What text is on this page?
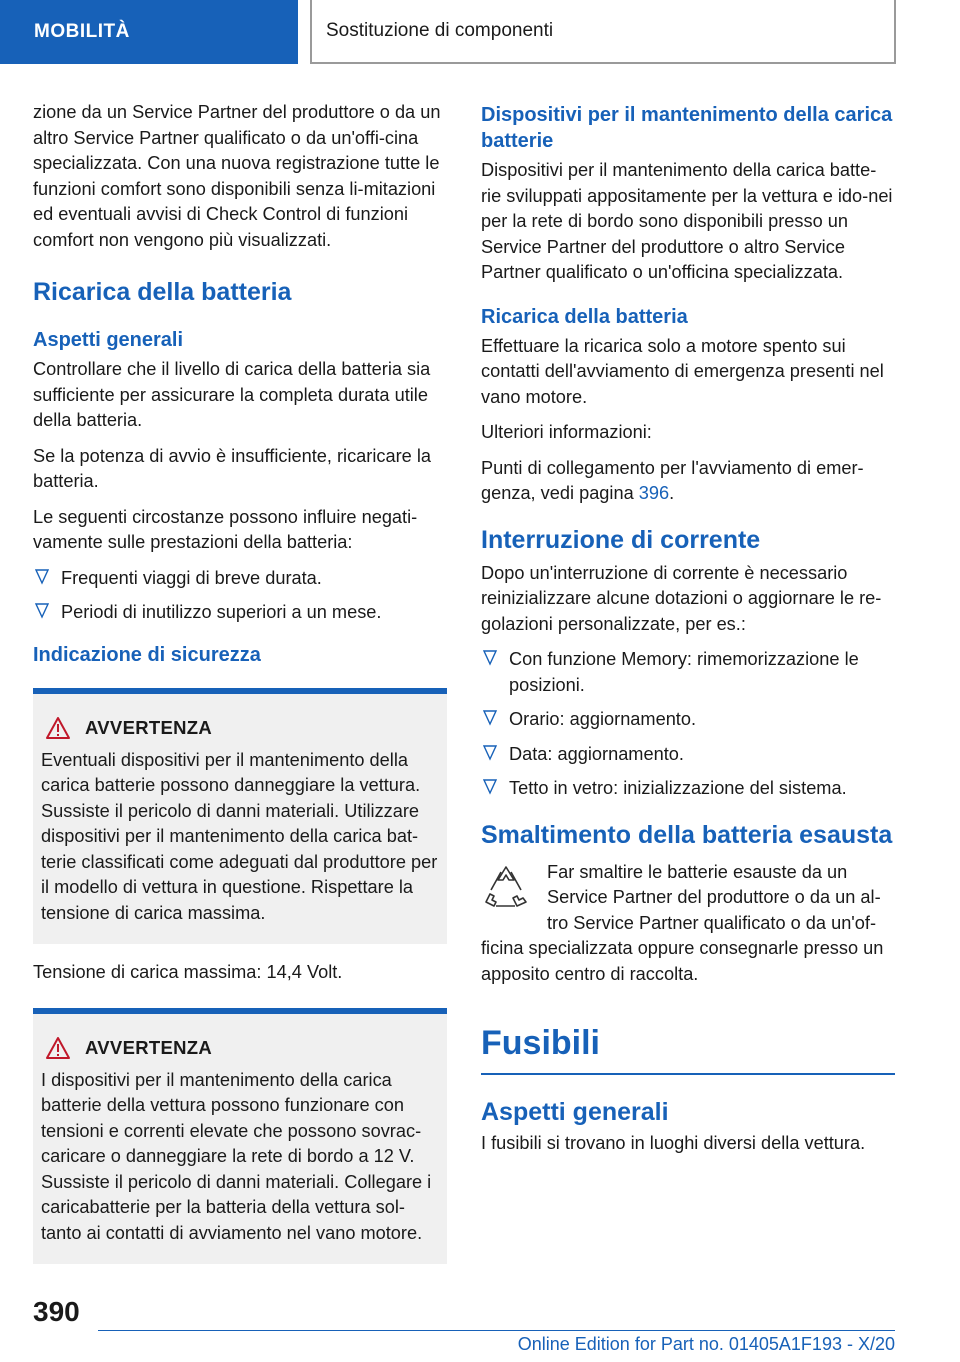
MOBILITÀ	Sostituzione di componenti

zione da un Service Partner del produttore o da un altro Service Partner qualificato o da un'offi-cina specializzata. Con una nuova registrazione tutte le funzioni comfort sono disponibili senza li-mitazioni ed eventuali avvisi di Check Control di funzioni comfort non vengono più visualizzati.

Ricarica della batteria
Aspetti generali

Controllare che il livello di carica della batteria sia sufficiente per assicurare la completa durata utile della batteria.

Se la potenza di avvio è insufficiente, ricaricare la batteria.

Le seguenti circostanze possono influire negati-vamente sulle prestazioni della batteria:

Frequenti viaggi di breve durata.
Periodi di inutilizzo superiori a un mese.
Indicazione di sicurezza
AVVERTENZA

Eventuali dispositivi per il mantenimento della carica batterie possono danneggiare la vettura. Sussiste il pericolo di danni materiali. Utilizzare dispositivi per il mantenimento della carica bat-terie classificati come adeguati dal produttore per il modello di vettura in questione. Rispettare la tensione di carica massima.

Tensione di carica massima: 14,4 Volt.

AVVERTENZA

I dispositivi per il mantenimento della carica batterie della vettura possono funzionare con tensioni e correnti elevate che possono sovrac-caricare o danneggiare la rete di bordo a 12 V. Sussiste il pericolo di danni materiali. Collegare i caricabatterie per la batteria della vettura sol-tanto ai contatti di avviamento nel vano motore.

Dispositivi per il mantenimento della carica batterie

Dispositivi per il mantenimento della carica batte-rie sviluppati appositamente per la vettura e ido-nei per la rete di bordo sono disponibili presso un Service Partner del produttore o altro Service Partner qualificato o un'officina specializzata.

Ricarica della batteria

Effettuare la ricarica solo a motore spento sui contatti dell'avviamento di emergenza presenti nel vano motore.

Ulteriori informazioni:

Punti di collegamento per l'avviamento di emer-genza, vedi pagina 396.

Interruzione di corrente

Dopo un'interruzione di corrente è necessario reinizializzare alcune dotazioni o aggiornare le re-golazioni personalizzate, per es.:

Con funzione Memory: rimemorizzazione le posizioni.
Orario: aggiornamento.
Data: aggiornamento.
Tetto in vetro: inizializzazione del sistema.
Smaltimento della batteria esausta

Far smaltire le batterie esauste da un Service Partner del produttore o da un al-tro Service Partner qualificato o da un'of-

ficina specializzata oppure consegnarle presso un apposito centro di raccolta.

Fusibili
Aspetti generali

I fusibili si trovano in luoghi diversi della vettura.

390
Online Edition for Part no. 01405A1F193 - X/20
